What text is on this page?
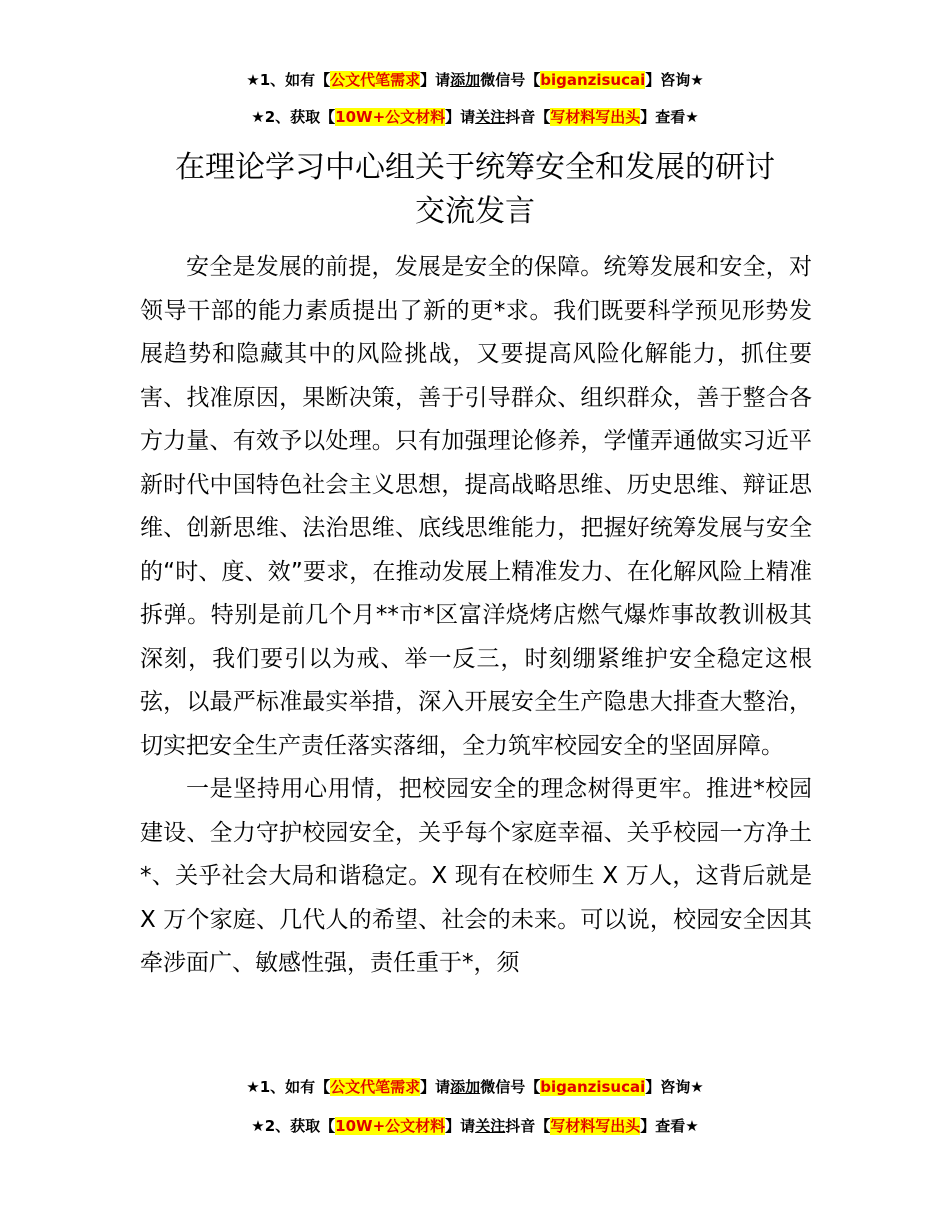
★1、如有【公文代笔需求】请添加微信号【biganzisucai】咨询★
★2、获取【10W+公文材料】请关注抖音【写材料写出头】查看★
在理论学习中心组关于统筹安全和发展的研讨
交流发言

安全是发展的前提，发展是安全的保障。统筹发展和安全，对领导干部的能力素质提出了新的更*求。我们既要科学预见形势发展趋势和隐藏其中的风险挑战，又要提高风险化解能力，抓住要害、找准原因，果断决策，善于引导群众、组织群众，善于整合各方力量、有效予以处理。只有加强理论修养，学懂弄通做实习近平新时代中国特色社会主义思想，提高战略思维、历史思维、辩证思维、创新思维、法治思维、底线思维能力，把握好统筹发展与安全的“时、度、效”要求，在推动发展上精准发力、在化解风险上精准拆弹。特别是前几个月**市*区富洋烧烤店燃气爆炸事故教训极其深刻，我们要引以为戒、举一反三，时刻绷紧维护安全稳定这根弦，以最严标准最实举措，深入开展安全生产隐患大排查大整治，切实把安全生产责任落实落细，全力筑牢校园安全的坚固屏障。

一是坚持用心用情，把校园安全的理念树得更牢。推进*校园建设、全力守护校园安全，关乎每个家庭幸福、关乎校园一方净土*、关乎社会大局和谐稳定。X 现有在校师生 X 万人，这背后就是 X 万个家庭、几代人的希望、社会的未来。可以说，校园安全因其牵涉面广、敏感性强，责任重于*，须

★1、如有【公文代笔需求】请添加微信号【biganzisucai】咨询★
★2、获取【10W+公文材料】请关注抖音【写材料写出头】查看★
